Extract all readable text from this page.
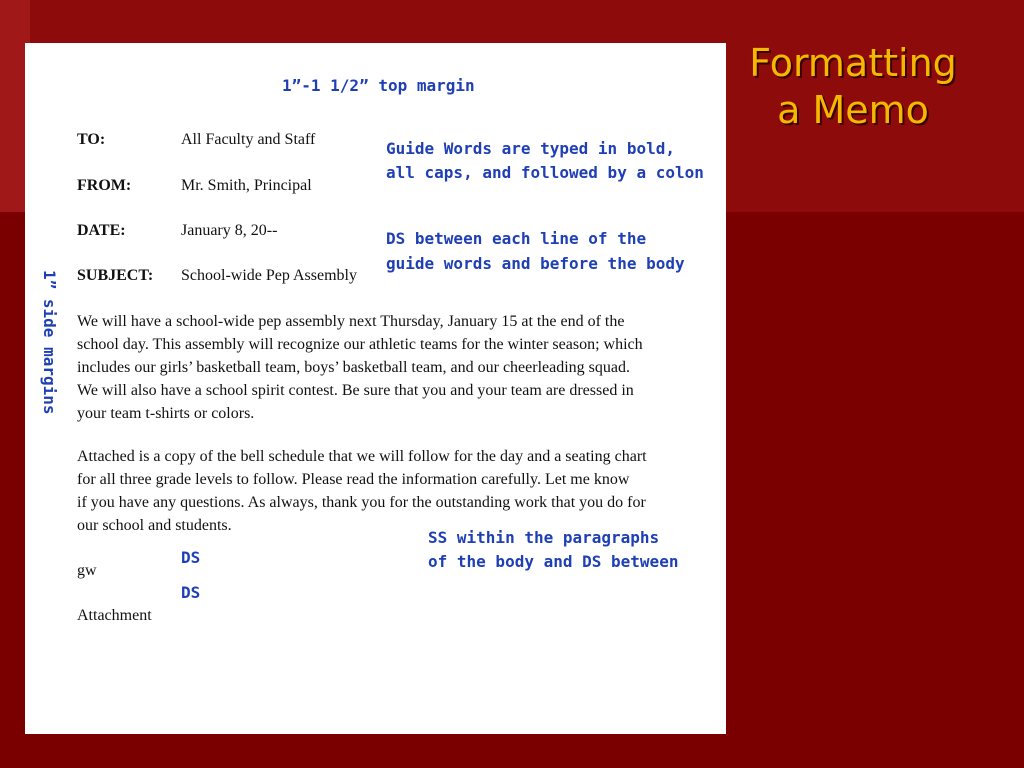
Formatting
a Memo
1”-1 1/2” top margin
1” side margins
Guide Words are typed in bold,
all caps, and followed by a colon
DS between each line of the
guide words and before the body
SS within the paragraphs
of the body and DS between
DS
DS
TO:	All Faculty and Staff
FROM:	Mr. Smith, Principal
DATE:	January 8, 20--
SUBJECT: School-wide Pep Assembly
We will have a school-wide pep assembly next Thursday, January 15 at the end of the
school day. This assembly will recognize our athletic teams for the winter season; which
includes our girls’ basketball team, boys’ basketball team, and our cheerleading squad.
We will also have a school spirit contest. Be sure that you and your team are dressed in
your team t-shirts or colors.
Attached is a copy of the bell schedule that we will follow for the day and a seating chart
for all three grade levels to follow. Please read the information carefully. Let me know
if you have any questions. As always, thank you for the outstanding work that you do for
our school and students.
gw
Attachment
